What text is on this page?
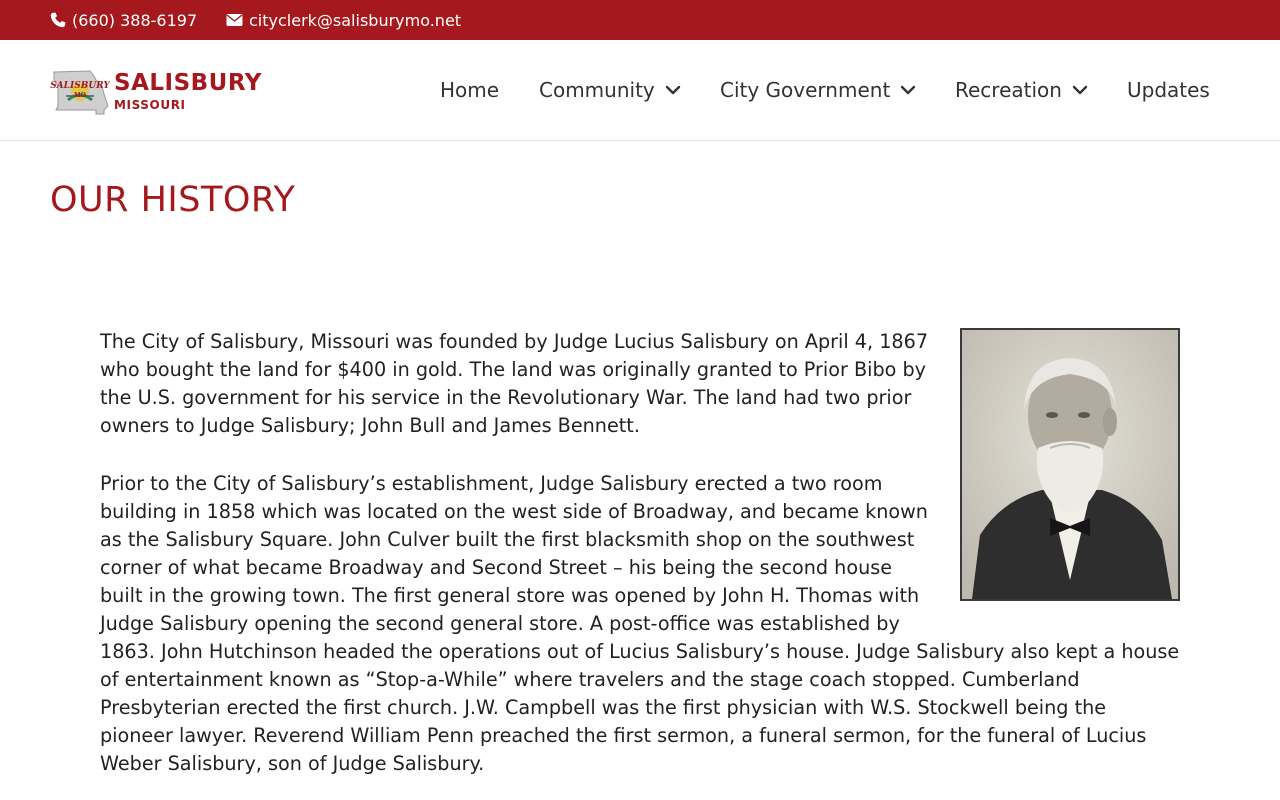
(660) 388-6197	cityclerk@salisburymo.net
SALISBURY
MO SALISBURY
MISSOURI
Home Community	City Government	Recreation	Updates
OUR HISTORY

The City of Salisbury, Missouri was founded by Judge Lucius Salisbury on April 4, 1867 who bought the land for $400 in gold. The land was originally granted to Prior Bibo by the U.S. government for his service in the Revolutionary War. The land had two prior owners to Judge Salisbury; John Bull and James Bennett.

Prior to the City of Salisbury’s establishment, Judge Salisbury erected a two room building in 1858 which was located on the west side of Broadway, and became known as the Salisbury Square. John Culver built the first blacksmith shop on the southwest corner of what became Broadway and Second Street – his being the second house built in the growing town. The first general store was opened by John H. Thomas with Judge Salisbury opening the second general store. A post-office was established by 1863. John Hutchinson headed the operations out of Lucius Salisbury’s house. Judge Salisbury also kept a house of entertainment known as “Stop-a-While” where travelers and the stage coach stopped. Cumberland Presbyterian erected the first church. J.W. Campbell was the first physician with W.S. Stockwell being the pioneer lawyer. Reverend William Penn preached the first sermon, a funeral sermon, for the funeral of Lucius Weber Salisbury, son of Judge Salisbury.
